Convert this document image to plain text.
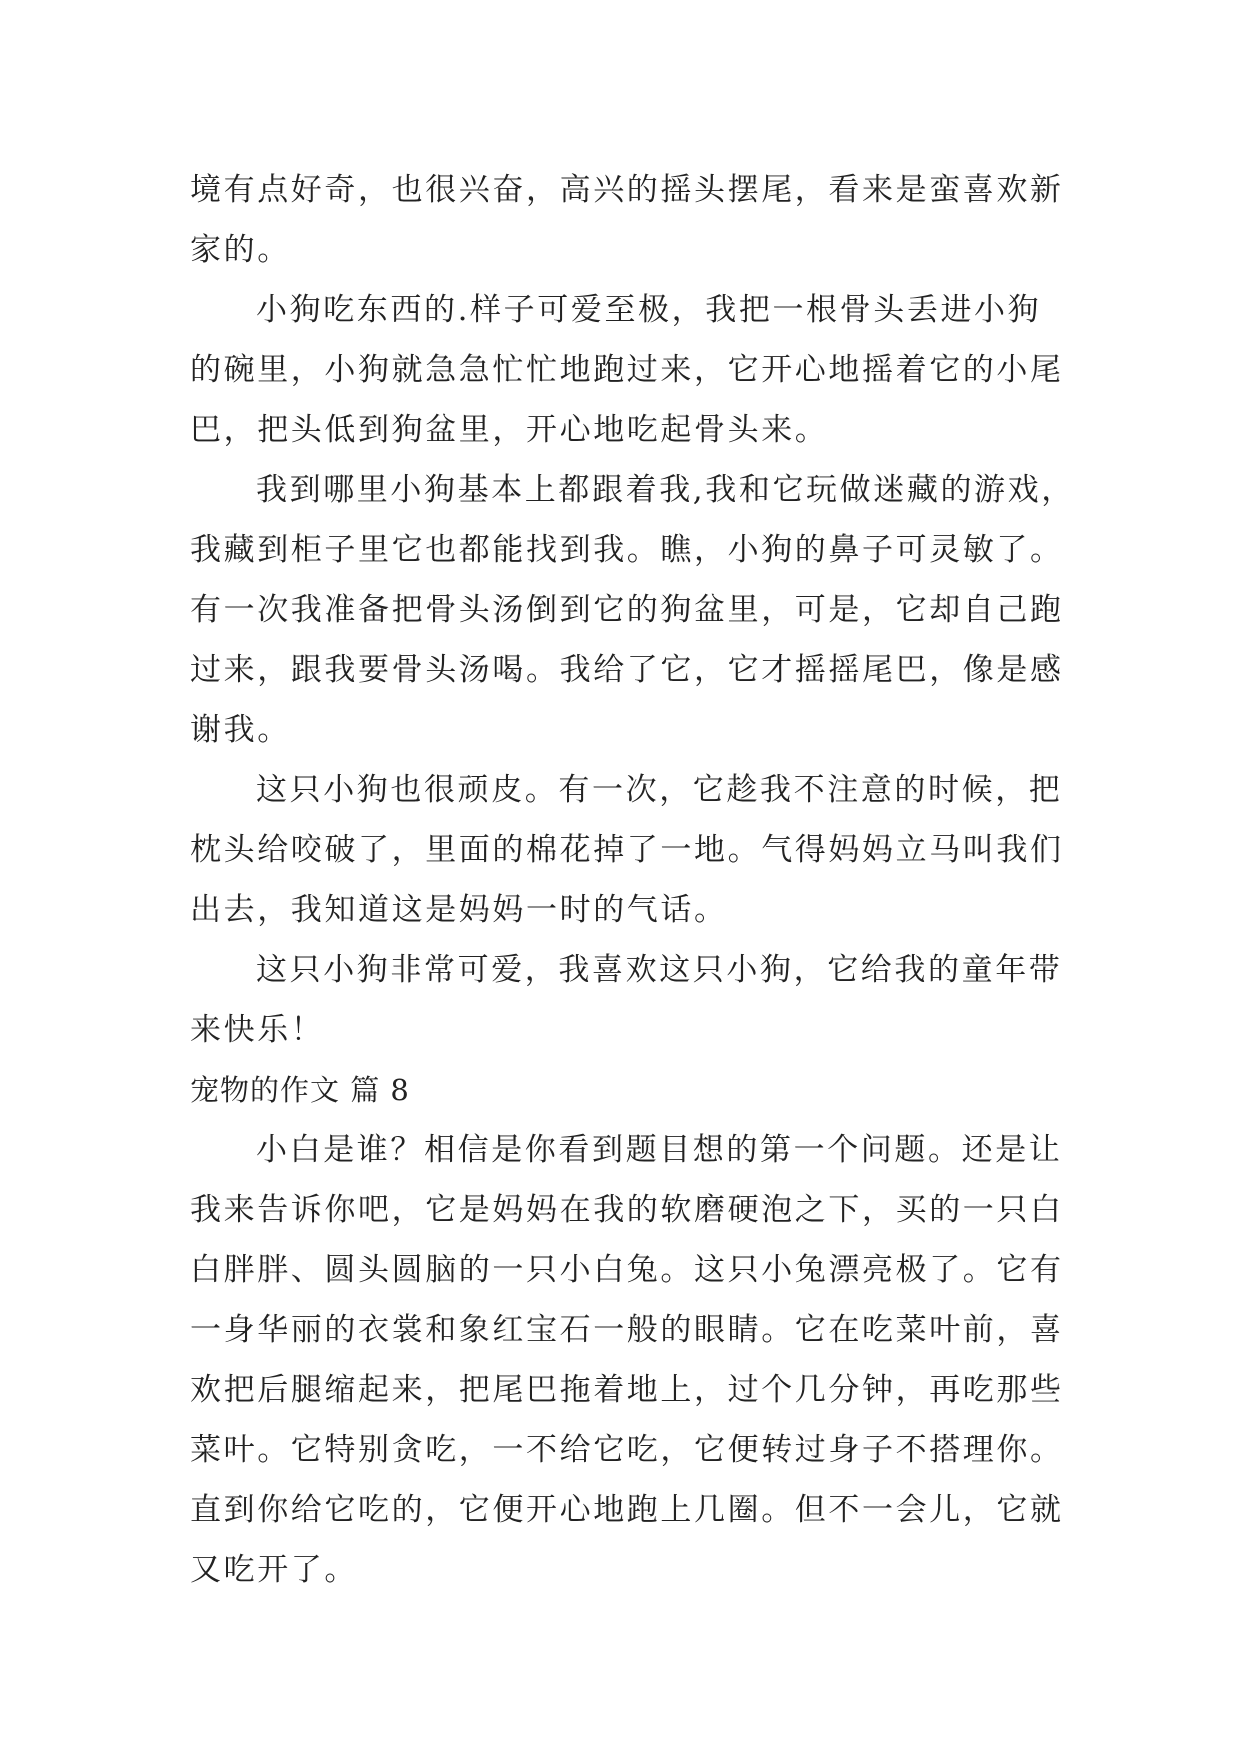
境有点好奇，也很兴奋，高兴的摇头摆尾，看来是蛮喜欢新
家的。
小狗吃东西的.样子可爱至极，我把一根骨头丢进小狗
的碗里，小狗就急急忙忙地跑过来，它开心地摇着它的小尾
巴，把头低到狗盆里，开心地吃起骨头来。
我到哪里小狗基本上都跟着我,我和它玩做迷藏的游戏，
我藏到柜子里它也都能找到我。瞧，小狗的鼻子可灵敏了。
有一次我准备把骨头汤倒到它的狗盆里，可是，它却自己跑
过来，跟我要骨头汤喝。我给了它，它才摇摇尾巴，像是感
谢我。
这只小狗也很顽皮。有一次，它趁我不注意的时候，把
枕头给咬破了，里面的棉花掉了一地。气得妈妈立马叫我们
出去，我知道这是妈妈一时的气话。
这只小狗非常可爱，我喜欢这只小狗，它给我的童年带
来快乐！
宠物的作文 篇 8
小白是谁？相信是你看到题目想的第一个问题。还是让
我来告诉你吧，它是妈妈在我的软磨硬泡之下，买的一只白
白胖胖、圆头圆脑的一只小白兔。这只小兔漂亮极了。它有
一身华丽的衣裳和象红宝石一般的眼睛。它在吃菜叶前，喜
欢把后腿缩起来，把尾巴拖着地上，过个几分钟，再吃那些
菜叶。它特别贪吃，一不给它吃，它便转过身子不搭理你。
直到你给它吃的，它便开心地跑上几圈。但不一会儿，它就
又吃开了。
